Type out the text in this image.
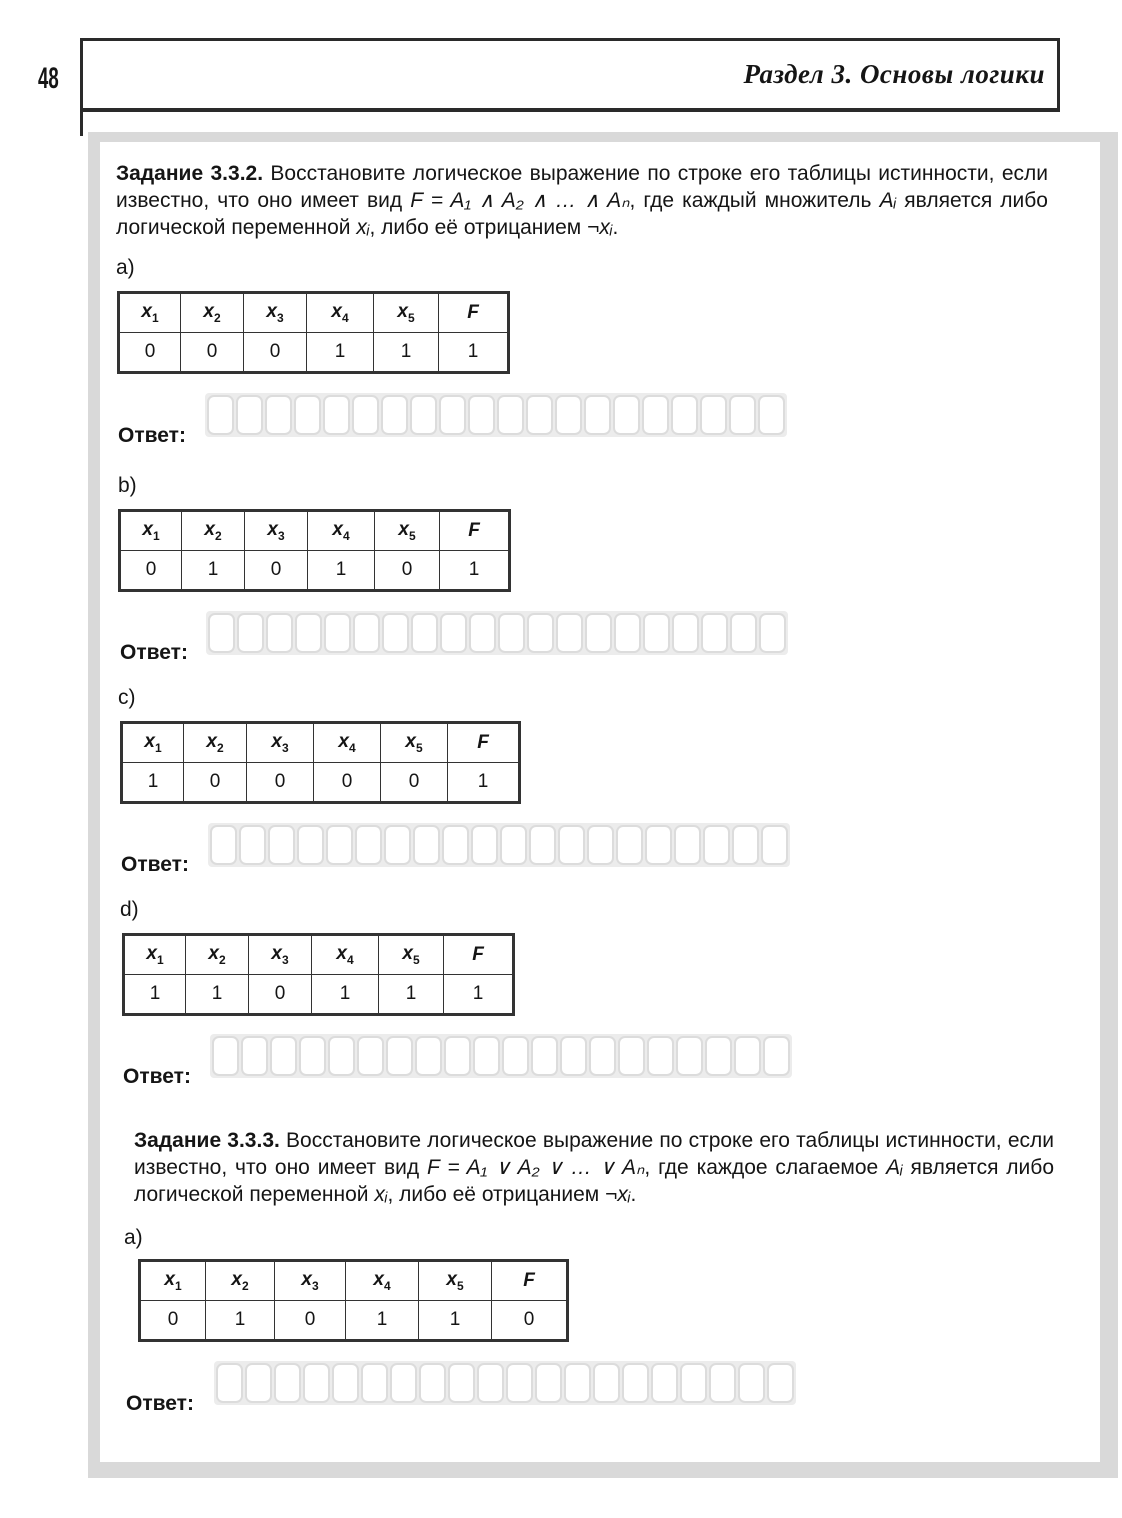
48	Раздел 3. Основы логики
Задание 3.3.2. Восстановите логическое выражение по строке его таблицы истинности, если известно, что оно имеет вид F = A₁ ∧ A₂ ∧ … ∧ Aₙ, где каждый множитель Aᵢ является либо логической переменной xᵢ, либо её отрицанием ¬xᵢ.
a)
$x_1$	$x_2$	$x_3$	$x_4$	$x_5$	F
0	0	0	1	1	1
Ответ:
b)
$x_1$	$x_2$	$x_3$	$x_4$	$x_5$	F
0	1	0	1	0	1
Ответ:
c)
$x_1$	$x_2$	$x_3$	$x_4$	$x_5$	F
1	0	0	0	0	1
Ответ:
d)
$x_1$	$x_2$	$x_3$	$x_4$	$x_5$	F
1	1	0	1	1	1
Ответ:
Задание 3.3.3. Восстановите логическое выражение по строке его таблицы истинности, если известно, что оно имеет вид F = A₁ ∨ A₂ ∨ … ∨ Aₙ, где каждое слагаемое Aᵢ является либо логической переменной xᵢ, либо её отрицанием ¬xᵢ.
a)
$x_1$	$x_2$	$x_3$	$x_4$	$x_5$	F
0	1	0	1	1	0
Ответ:
